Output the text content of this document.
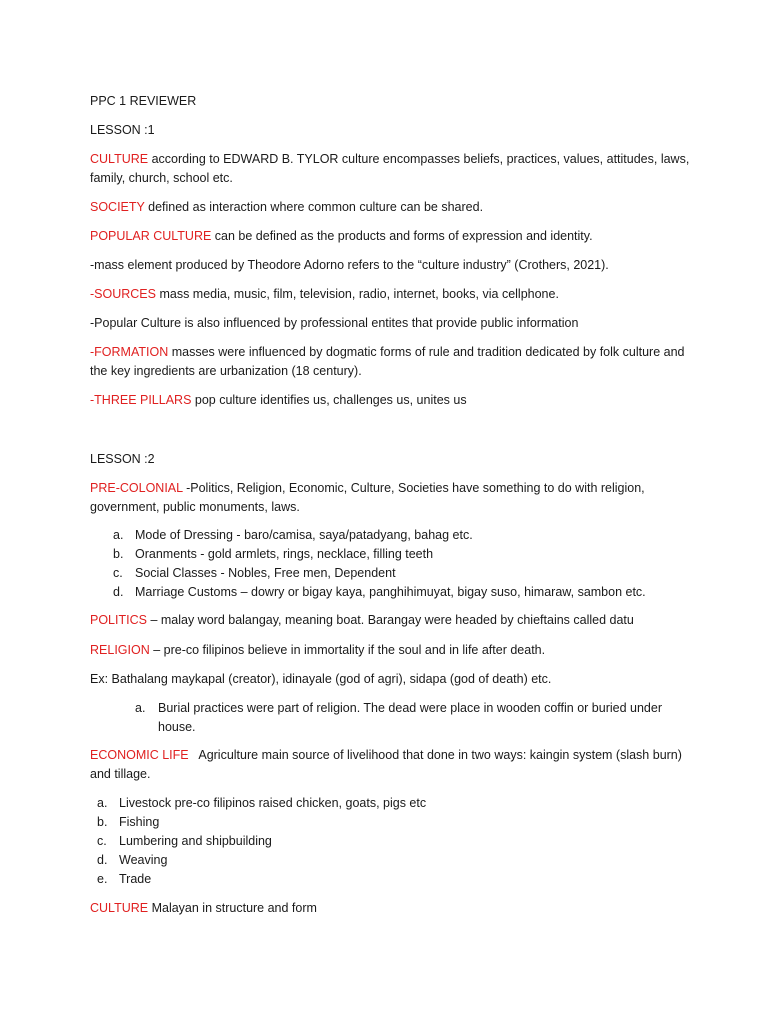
PPC 1 REVIEWER

LESSON :1

CULTURE according to EDWARD B. TYLOR culture encompasses beliefs, practices, values, attitudes, laws, family, church, school etc.

SOCIETY defined as interaction where common culture can be shared.

POPULAR CULTURE can be defined as the products and forms of expression and identity.

-mass element produced by Theodore Adorno refers to the “culture industry” (Crothers, 2021).

-SOURCES mass media, music, film, television, radio, internet, books, via cellphone.

-Popular Culture is also influenced by professional entites that provide public information

-FORMATION masses were influenced by dogmatic forms of rule and tradition dedicated by folk culture and the key ingredients are urbanization (18 century).

-THREE PILLARS pop culture identifies us, challenges us, unites us

LESSON :2

PRE-COLONIAL -Politics, Religion, Economic, Culture, Societies have something to do with religion, government, public monuments, laws.

a. Mode of Dressing - baro/camisa, saya/patadyang, bahag etc.
b. Oranments - gold armlets, rings, necklace, filling teeth
c. Social Classes - Nobles, Free men, Dependent
d. Marriage Customs – dowry or bigay kaya, panghihimuyat, bigay suso, himaraw, sambon etc.

POLITICS – malay word balangay, meaning boat. Barangay were headed by chieftains called datu

RELIGION – pre-co filipinos believe in immortality if the soul and in life after death.

Ex: Bathalang maykapal (creator), idinayale (god of agri), sidapa (god of death) etc.

a.	Burial practices were part of religion. The dead were place in wooden coffin or buried under house.

ECONOMIC LIFE   Agriculture main source of livelihood that done in two ways: kaingin system (slash burn) and tillage.

a. Livestock pre-co filipinos raised chicken, goats, pigs etc
b. Fishing
c. Lumbering and shipbuilding
d. Weaving
e. Trade

CULTURE Malayan in structure and form
